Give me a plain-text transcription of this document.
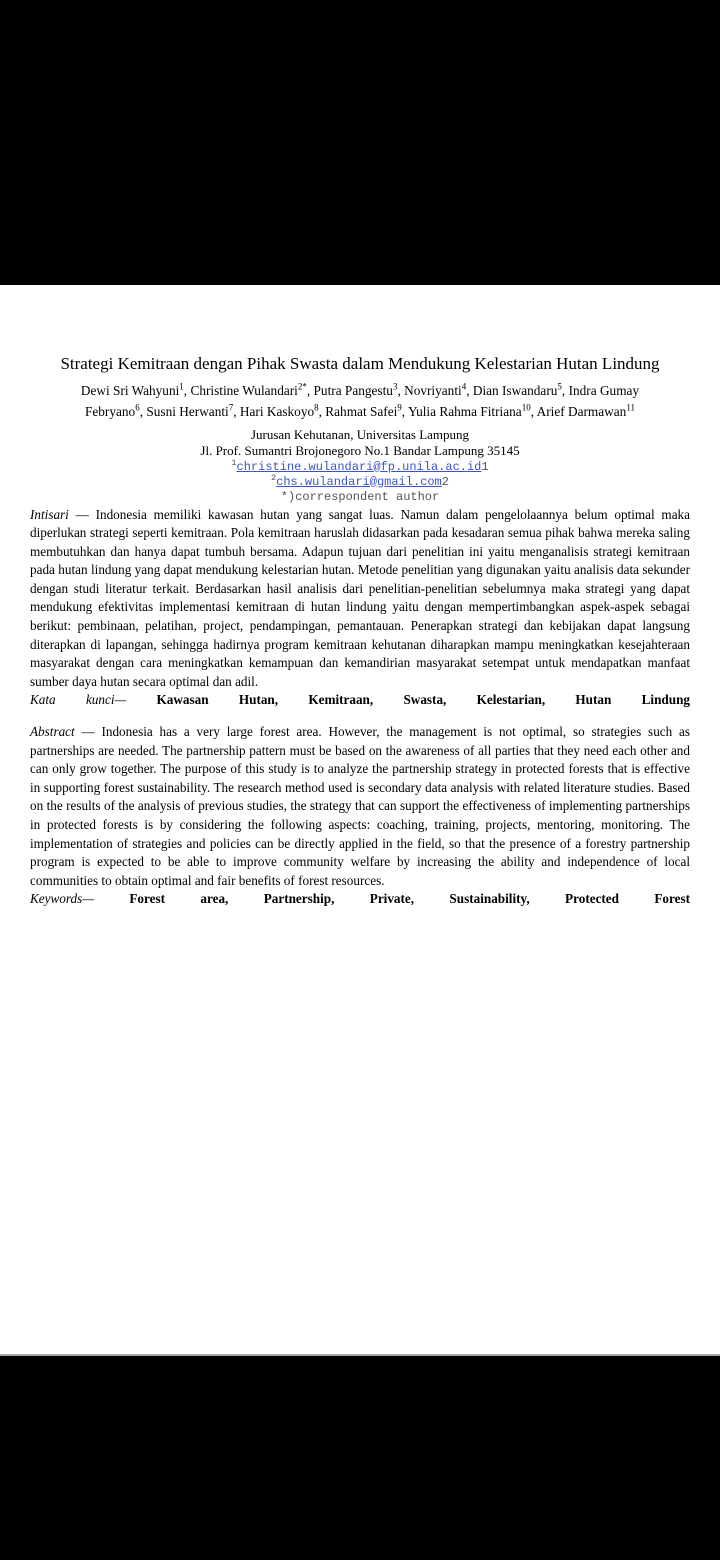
Strategi Kemitraan dengan Pihak Swasta dalam Mendukung Kelestarian Hutan Lindung
Dewi Sri Wahyuni$^1$, Christine Wulandari$^{2*}$, Putra Pangestu$^3$, Novriyanti$^4$, Dian Iswandaru$^5$, Indra Gumay
Febryano$^6$, Susni Herwanti$^7$, Hari Kaskoyo$^8$, Rahmat Safei$^9$, Yulia Rahma Fitriana$^{10}$, Arief Darmawan$^{11}$
Jurusan Kehutanan, Universitas Lampung
Jl. Prof. Sumantri Brojonegoro No.1 Bandar Lampung 35145
$^1$christine.wulandari@fp.unila.ac.id1
$^2$chs.wulandari@gmail.com2
*)correspondent author

Intisari — Indonesia memiliki kawasan hutan yang sangat luas. Namun dalam pengelolaannya belum optimal maka diperlukan strategi seperti kemitraan. Pola kemitraan haruslah didasarkan pada kesadaran semua pihak bahwa mereka saling membutuhkan dan hanya dapat tumbuh bersama. Adapun tujuan dari penelitian ini yaitu menganalisis strategi kemitraan pada hutan lindung yang dapat mendukung kelestarian hutan. Metode penelitian yang digunakan yaitu analisis data sekunder dengan studi literatur terkait. Berdasarkan hasil analisis dari penelitian-penelitian sebelumnya maka strategi yang dapat mendukung efektivitas implementasi kemitraan di hutan lindung yaitu dengan mempertimbangkan aspek-aspek sebagai berikut: pembinaan, pelatihan, project, pendampingan, pemantauan. Penerapkan strategi dan kebijakan dapat langsung diterapkan di lapangan, sehingga hadirnya program kemitraan kehutanan diharapkan mampu meningkatkan kesejahteraan masyarakat dengan cara meningkatkan kemampuan dan kemandirian masyarakat setempat untuk mendapatkan manfaat sumber daya hutan secara optimal dan adil.

Kata kunci— Kawasan Hutan, Kemitraan, Swasta, Kelestarian, Hutan Lindung

Abstract — Indonesia has a very large forest area. However, the management is not optimal, so strategies such as partnerships are needed. The partnership pattern must be based on the awareness of all parties that they need each other and can only grow together. The purpose of this study is to analyze the partnership strategy in protected forests that is effective in supporting forest sustainability. The research method used is secondary data analysis with related literature studies. Based on the results of the analysis of previous studies, the strategy that can support the effectiveness of implementing partnerships in protected forests is by considering the following aspects: coaching, training, projects, mentoring, monitoring. The implementation of strategies and policies can be directly applied in the field, so that the presence of a forestry partnership program is expected to be able to improve community welfare by increasing the ability and independence of local communities to obtain optimal and fair benefits of forest resources.

Keywords—	Forest area, Partnership, Private, Sustainability, Protected Forest
